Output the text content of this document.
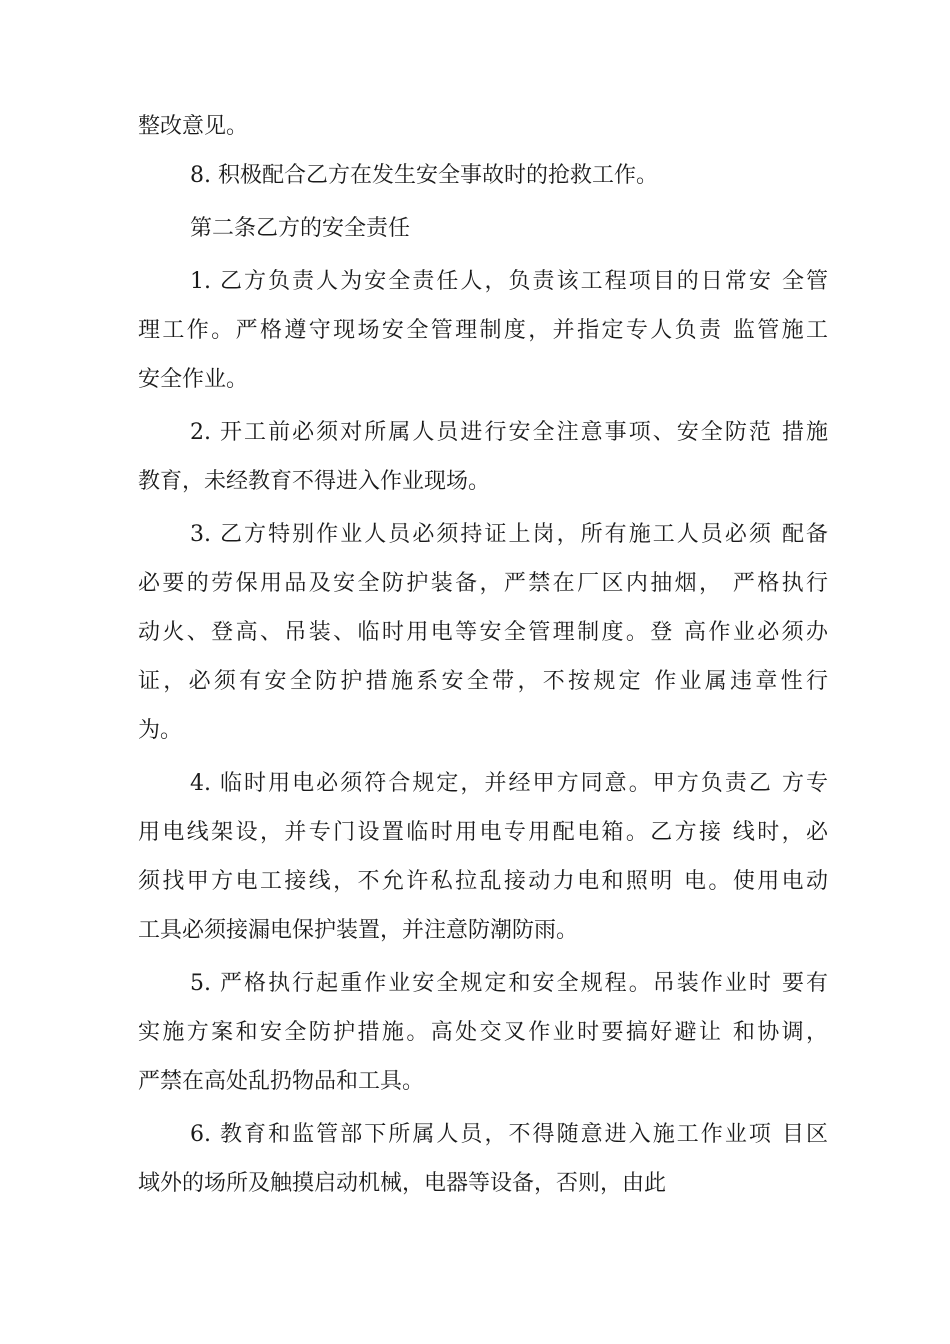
整改意见。
8. 积极配合乙方在发生安全事故时的抢救工作。
第二条乙方的安全责任
1. 乙方负责人为安全责任人，负责该工程项目的日常安 全管
理工作。严格遵守现场安全管理制度，并指定专人负责 监管施工
安全作业。
2. 开工前必须对所属人员进行安全注意事项、安全防范 措施
教育，未经教育不得进入作业现场。
3. 乙方特别作业人员必须持证上岗，所有施工人员必须 配备
必要的劳保用品及安全防护装备，严禁在厂区内抽烟， 严格执行
动火、登高、吊装、临时用电等安全管理制度。登 高作业必须办
证，必须有安全防护措施系安全带，不按规定 作业属违章性行
为。
4. 临时用电必须符合规定，并经甲方同意。甲方负责乙 方专
用电线架设，并专门设置临时用电专用配电箱。乙方接 线时，必
须找甲方电工接线，不允许私拉乱接动力电和照明 电。使用电动
工具必须接漏电保护装置，并注意防潮防雨。
5. 严格执行起重作业安全规定和安全规程。吊装作业时 要有
实施方案和安全防护措施。高处交叉作业时要搞好避让 和协调，
严禁在高处乱扔物品和工具。
6. 教育和监管部下所属人员，不得随意进入施工作业项 目区
域外的场所及触摸启动机械，电器等设备，否则，由此
